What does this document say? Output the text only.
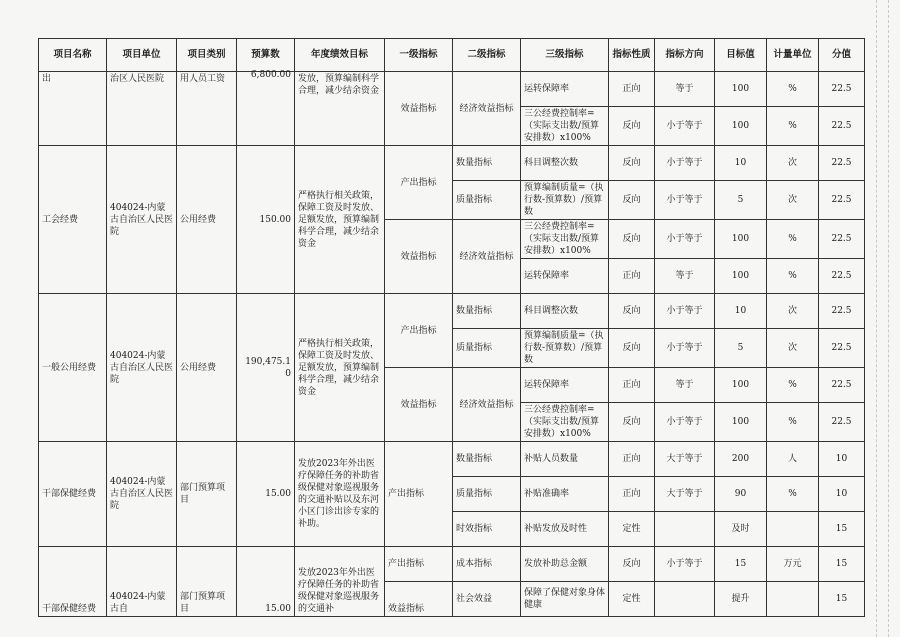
项目名称	项目单位	项目类别	预算数	年度绩效目标	一级指标	二级指标	三级指标	指标性质	指标方向	目标值	计量单位	分值
出	治区人民医院	用人员工资	6,800.00	发放，预算编制科学合理，减少结余资金	效益指标	经济效益指标	运转保障率	正向	等于	100	%	22.5
							三公经费控制率=（实际支出数/预算安排数）x100%	反向	小于等于	100	%	22.5
工会经费	404024-内蒙古自治区人民医院	公用经费	150.00	严格执行相关政策，保障工资及时发放、足额发放，预算编制科学合理，减少结余资金	产出指标	数量指标	科目调整次数	反向	小于等于	10	次	22.5
						质量指标	预算编制质量=（执行数-预算数）/预算数	反向	小于等于	5	次	22.5
					效益指标	经济效益指标	三公经费控制率=（实际支出数/预算安排数）x100%	反向	小于等于	100	%	22.5
							运转保障率	正向	等于	100	%	22.5
一般公用经费	404024-内蒙古自治区人民医院	公用经费	190,475.10	严格执行相关政策，保障工资及时发放、足额发放，预算编制科学合理，减少结余资金	产出指标	数量指标	科目调整次数	反向	小于等于	10	次	22.5
						质量指标	预算编制质量=（执行数-预算数）/预算数	反向	小于等于	5	次	22.5
					效益指标	经济效益指标	运转保障率	正向	等于	100	%	22.5
							三公经费控制率=（实际支出数/预算安排数）x100%	反向	小于等于	100	%	22.5
干部保健经费	404024-内蒙古自治区人民医院	部门预算项目	15.00	发放2023年外出医疗保障任务的补助省级保健对象巡视服务的交通补贴以及东河小区门诊出诊专家的补助。	产出指标	数量指标	补贴人员数量	正向	大于等于	200	人	10
						质量指标	补贴准确率	正向	大于等于	90	%	10
						时效指标	补贴发放及时性	定性		及时		15
干部保健经费	404024-内蒙古自	部门预算项目	15.00	发放2023年外出医疗保障任务的补助省级保健对象巡视服务的交通补	产出指标	成本指标	发放补助总金额	反向	小于等于	15	万元	15
					效益指标	社会效益	保障了保健对象身体健康	定性		提升		15
